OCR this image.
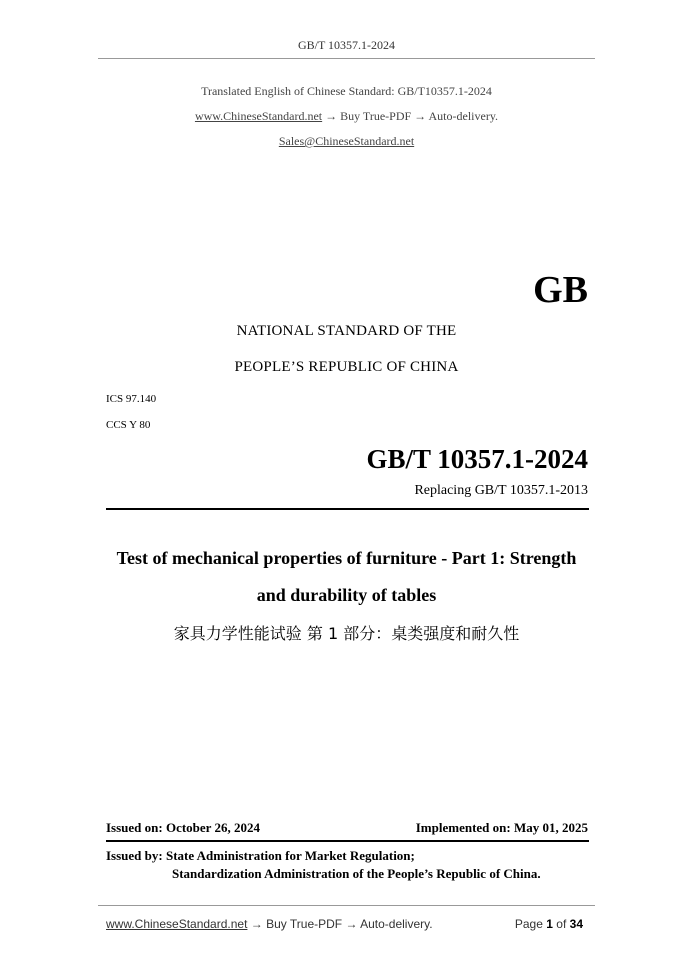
GB/T 10357.1-2024
Translated English of Chinese Standard: GB/T10357.1-2024
www.ChineseStandard.net → Buy True-PDF → Auto-delivery.
Sales@ChineseStandard.net
GB
NATIONAL STANDARD OF THE
PEOPLE’S REPUBLIC OF CHINA
ICS 97.140
CCS Y 80
GB/T 10357.1-2024
Replacing GB/T 10357.1-2013
Test of mechanical properties of furniture - Part 1: Strength
and durability of tables
家具力学性能试验 第 1 部分：桌类强度和耐久性
Issued on: October 26, 2024	Implemented on: May 01, 2025
Issued by: State Administration for Market Regulation;
Standardization Administration of the People’s Republic of China.
www.ChineseStandard.net → Buy True-PDF → Auto-delivery.	Page 1 of 34
